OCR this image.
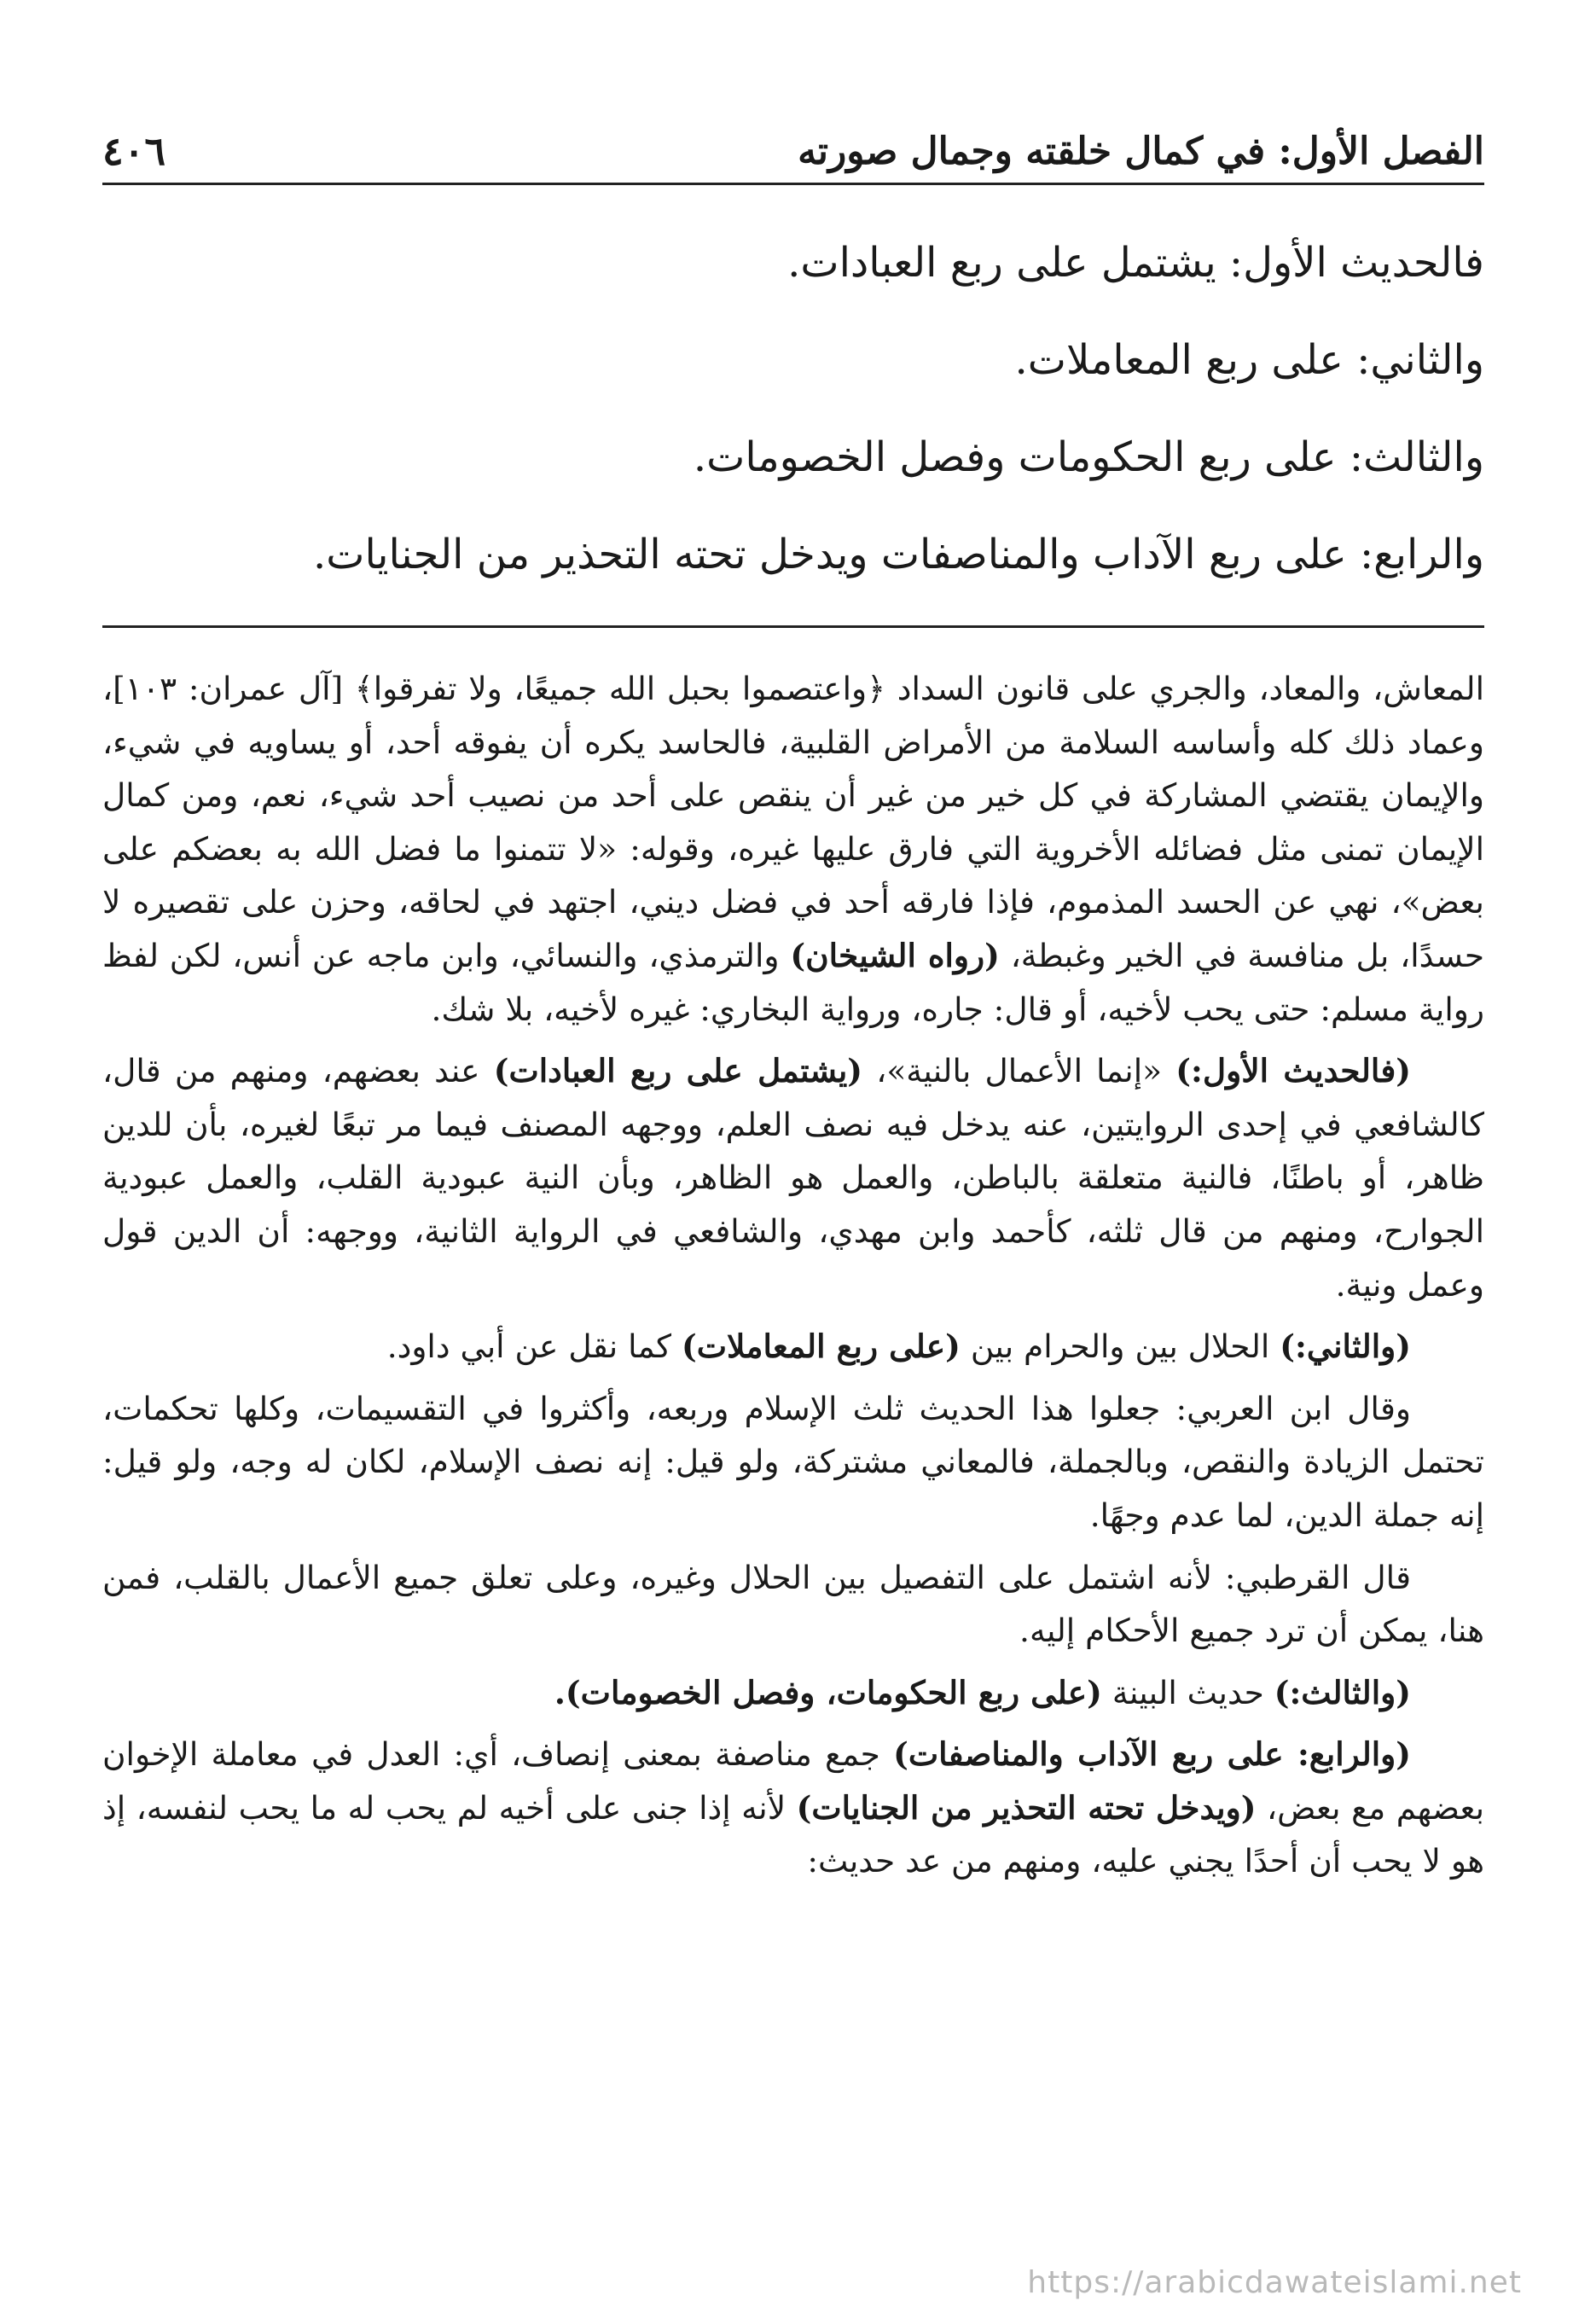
الفصل الأول: في كمال خلقته وجمال صورته
٤٠٦

فالحديث الأول: يشتمل على ربع العبادات.

والثاني: على ربع المعاملات.

والثالث: على ربع الحكومات وفصل الخصومات.

والرابع: على ربع الآداب والمناصفات ويدخل تحته التحذير من الجنايات.

المعاش، والمعاد، والجري على قانون السداد ﴿واعتصموا بحبل الله جميعًا، ولا تفرقوا﴾ [آل عمران: ١٠٣]، وعماد ذلك كله وأساسه السلامة من الأمراض القلبية، فالحاسد يكره أن يفوقه أحد، أو يساويه في شيء، والإيمان يقتضي المشاركة في كل خير من غير أن ينقص على أحد من نصيب أحد شيء، نعم، ومن كمال الإيمان تمنى مثل فضائله الأخروية التي فارق عليها غيره، وقوله: «لا تتمنوا ما فضل الله به بعضكم على بعض»، نهي عن الحسد المذموم، فإذا فارقه أحد في فضل ديني، اجتهد في لحاقه، وحزن على تقصيره لا حسدًا، بل منافسة في الخير وغبطة، (رواه الشيخان) والترمذي، والنسائي، وابن ماجه عن أنس، لكن لفظ رواية مسلم: حتى يحب لأخيه، أو قال: جاره، ورواية البخاري: غيره لأخيه، بلا شك.

(فالحديث الأول:) «إنما الأعمال بالنية»، (يشتمل على ربع العبادات) عند بعضهم، ومنهم من قال، كالشافعي في إحدى الروايتين، عنه يدخل فيه نصف العلم، ووجهه المصنف فيما مر تبعًا لغيره، بأن للدين ظاهر، أو باطنًا، فالنية متعلقة بالباطن، والعمل هو الظاهر، وبأن النية عبودية القلب، والعمل عبودية الجوارح، ومنهم من قال ثلثه، كأحمد وابن مهدي، والشافعي في الرواية الثانية، ووجهه: أن الدين قول وعمل ونية.

(والثاني:) الحلال بين والحرام بين (على ربع المعاملات) كما نقل عن أبي داود.

وقال ابن العربي: جعلوا هذا الحديث ثلث الإسلام وربعه، وأكثروا في التقسيمات، وكلها تحكمات، تحتمل الزيادة والنقص، وبالجملة، فالمعاني مشتركة، ولو قيل: إنه نصف الإسلام، لكان له وجه، ولو قيل: إنه جملة الدين، لما عدم وجهًا.

قال القرطبي: لأنه اشتمل على التفصيل بين الحلال وغيره، وعلى تعلق جميع الأعمال بالقلب، فمن هنا، يمكن أن ترد جميع الأحكام إليه.

(والثالث:) حديث البينة (على ربع الحكومات، وفصل الخصومات).

(والرابع: على ربع الآداب والمناصفات) جمع مناصفة بمعنى إنصاف، أي: العدل في معاملة الإخوان بعضهم مع بعض، (ويدخل تحته التحذير من الجنايات) لأنه إذا جنى على أخيه لم يحب له ما يحب لنفسه، إذ هو لا يحب أن أحدًا يجني عليه، ومنهم من عد حديث:

https://arabicdawateislami.net
